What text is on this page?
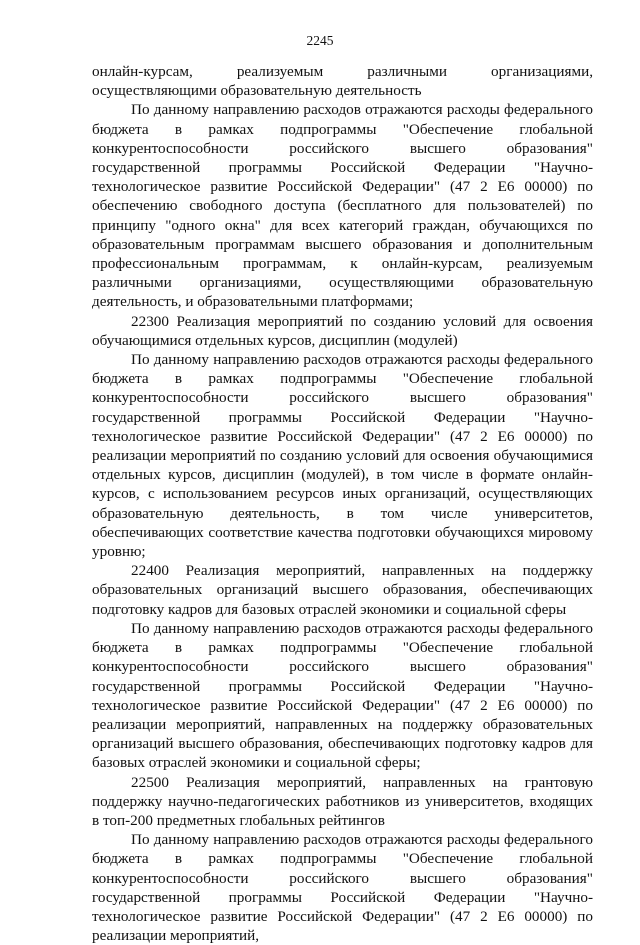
2245

онлайн-курсам, реализуемым различными организациями, осуществляющими образовательную деятельность

По данному направлению расходов отражаются расходы федерального бюджета в рамках подпрограммы "Обеспечение глобальной конкурентоспособности российского высшего образования" государственной программы Российской Федерации "Научно-технологическое развитие Российской Федерации" (47 2 Е6 00000) по обеспечению свободного доступа (бесплатного для пользователей) по принципу "одного окна" для всех категорий граждан, обучающихся по образовательным программам высшего образования и дополнительным профессиональным программам, к онлайн-курсам, реализуемым различными организациями, осуществляющими образовательную деятельность, и образовательными платформами;

22300 Реализация мероприятий по созданию условий для освоения обучающимися отдельных курсов, дисциплин (модулей)

По данному направлению расходов отражаются расходы федерального бюджета в рамках подпрограммы "Обеспечение глобальной конкурентоспособности российского высшего образования" государственной программы Российской Федерации "Научно-технологическое развитие Российской Федерации" (47 2 Е6 00000) по реализации мероприятий по созданию условий для освоения обучающимися отдельных курсов, дисциплин (модулей), в том числе в формате онлайн-курсов, с использованием ресурсов иных организаций, осуществляющих образовательную деятельность, в том числе университетов, обеспечивающих соответствие качества подготовки обучающихся мировому уровню;

22400 Реализация мероприятий, направленных на поддержку образовательных организаций высшего образования, обеспечивающих подготовку кадров для базовых отраслей экономики и социальной сферы

По данному направлению расходов отражаются расходы федерального бюджета в рамках подпрограммы "Обеспечение глобальной конкурентоспособности российского высшего образования" государственной программы Российской Федерации "Научно-технологическое развитие Российской Федерации" (47 2 Е6 00000) по реализации мероприятий, направленных на поддержку образовательных организаций высшего образования, обеспечивающих подготовку кадров для базовых отраслей экономики и социальной сферы;

22500 Реализация мероприятий, направленных на грантовую поддержку научно-педагогических работников из университетов, входящих в топ-200 предметных глобальных рейтингов

По данному направлению расходов отражаются расходы федерального бюджета в рамках подпрограммы "Обеспечение глобальной конкурентоспособности российского высшего образования" государственной программы Российской Федерации "Научно-технологическое развитие Российской Федерации" (47 2 Е6 00000) по реализации мероприятий,
